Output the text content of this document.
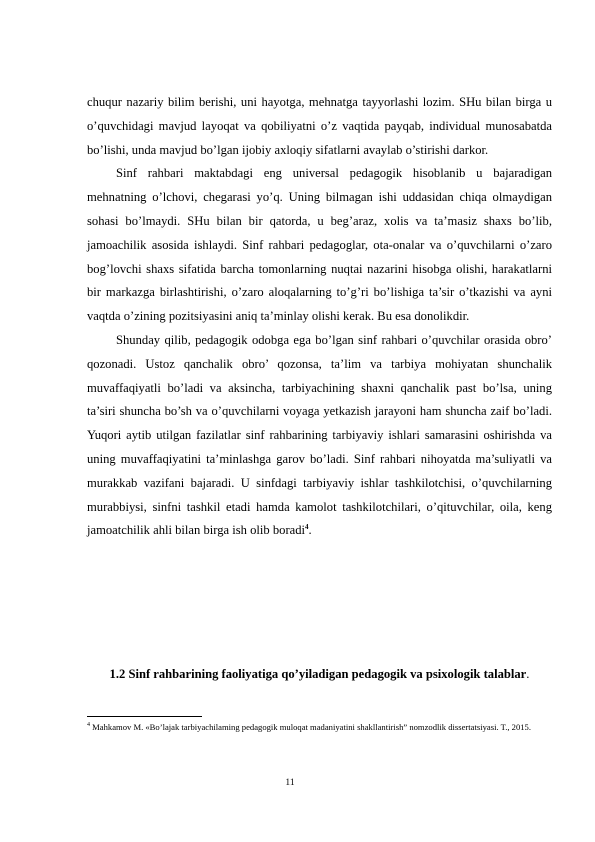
chuqur nazariy bilim berishi, uni hayotga, mehnatga tayyorlashi lozim. SHu bilan birga u o’quvchidagi mavjud layoqat va qobiliyatni o’z vaqtida payqab, individual munosabatda bo’lishi, unda mavjud bo’lgan ijobiy axloqiy sifatlarni avaylab o’stirishi darkor.

Sinf rahbari maktabdagi eng universal pedagogik hisoblanib u bajaradigan mehnatning o’lchovi, chegarasi yo’q. Uning bilmagan ishi uddasidan chiqa olmaydigan sohasi bo’lmaydi. SHu bilan bir qatorda, u beg’araz, xolis va ta’masiz shaxs bo’lib, jamoachilik asosida ishlaydi. Sinf rahbari pedagoglar, ota-onalar va o’quvchilarni o’zaro bog’lovchi shaxs sifatida barcha tomonlarning nuqtai nazarini hisobga olishi, harakatlarni bir markazga birlashtirishi, o’zaro aloqalarning to’g’ri bo’lishiga ta’sir o’tkazishi va ayni vaqtda o’zining pozitsiyasini aniq ta’minlay olishi kerak. Bu esa donolikdir.

Shunday qilib, pedagogik odobga ega bo’lgan sinf rahbari o’quvchilar orasida obro’ qozonadi. Ustoz qanchalik obro’ qozonsa, ta’lim va tarbiya mohiyatan shunchalik muvaffaqiyatli bo’ladi va aksincha, tarbiyachining shaxni qanchalik past bo’lsa, uning ta’siri shuncha bo’sh va o’quvchilarni voyaga yetkazish jarayoni ham shuncha zaif bo’ladi. Yuqori aytib utilgan fazilatlar sinf rahbarining tarbiyaviy ishlari samarasini oshirishda va uning muvaffaqiyatini ta’minlashga garov bo’ladi. Sinf rahbari nihoyatda ma’suliyatli va murakkab vazifani bajaradi. U sinfdagi tarbiyaviy ishlar tashkilotchisi, o’quvchilarning murabbiysi, sinfni tashkil etadi hamda kamolot tashkilotchilari, o’qituvchilar, oila, keng jamoatchilik ahli bilan birga ish olib boradi$^4$.

1.2 Sinf rahbarining faoliyatiga qo’yiladigan pedagogik va psixologik talablar.
$^4$ Mahkamov M. «Bo’lajak tarbiyachilaming pedagogik muloqat madaniyatini shakllantirish” nomzodlik dissertatsiyasi. T., 2015.
11
